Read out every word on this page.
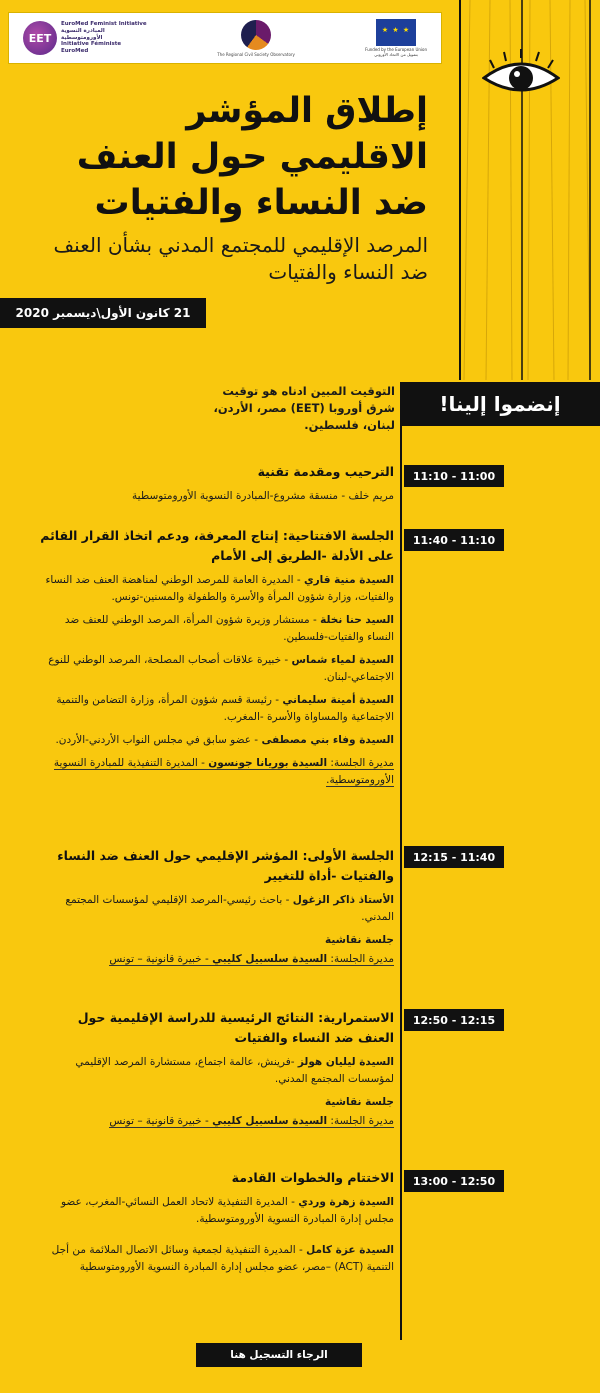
EET
EuroMed Feminist Initiative
المبادرة النسوية الأورومتوسطية
Initiative Féministe EuroMed	The Regional Civil Society Observatory
★ ★ ★
Funded by the European Union
بتمويل من الاتحاد الأوروبي
إطلاق المؤشر الاقليمي حول العنف ضد النساء والفتيات
المرصد الإقليمي للمجتمع المدني بشأن العنف ضد النساء والفتيات
21 كانون الأول\ديسمبر 2020
إنضموا إلينا!
التوقيت المبين ادناه هو توقيت شرق أوروبا (EET) مصر، الأردن، لبنان، فلسطين.
11:10 - 11:00
الترحيب ومقدمة تقنية
مريم خلف - منسقة مشروع-المبادرة النسوية الأورومتوسطية
11:40 - 11:10
الجلسة الافتتاحية: إنتاج المعرفة، ودعم اتخاذ القرار القائم على الأدلة -الطريق إلى الأمام
السيدة منية قاري - المديرة العامة للمرصد الوطني لمناهضة العنف ضد النساء والفتيات، وزارة شؤون المرأة والأسرة والطفولة والمسنين-تونس.
السيد حنا نخلة - مستشار وزيرة شؤون المرأة، المرصد الوطني للعنف ضد النساء والفتيات-فلسطين.
السيدة لمياء شماس - خبيرة علاقات أصحاب المصلحة، المرصد الوطني للنوع الاجتماعي-لبنان.
السيدة أمينة سليماني - رئيسة قسم شؤون المرأة، وزارة التضامن والتنمية الاجتماعية والمساواة والأسرة -المغرب.
السيدة وفاء بني مصطفى - عضو سابق في مجلس النواب الأردني-الأردن.
مديرة الجلسة: السيدة بوريانا جونسون - المديرة التنفيذية للمبادرة النسوية الأورومتوسطية.
12:15 - 11:40
الجلسة الأولى: المؤشر الإقليمي حول العنف ضد النساء والفتيات -أداة للتغيير
الأستاذ ذاكر الزغول - باحث رئيسي-المرصد الإقليمي لمؤسسات المجتمع المدني.
جلسة نقاشية
مديرة الجلسة: السيدة سلسبيل كليبي - خبيرة قانونية – تونس
12:50 - 12:15
الاستمرارية: النتائج الرئيسية للدراسة الإقليمية حول العنف ضد النساء والفتيات
السيدة ليليان هولز -فرينش، عالمة اجتماع، مستشارة المرصد الإقليمي لمؤسسات المجتمع المدني.
جلسة نقاشية
مديرة الجلسة: السيدة سلسبيل كليبي - خبيرة قانونية – تونس
13:00 - 12:50
الاختتام والخطوات القادمة
السيدة زهرة وردي - المديرة التنفيذية لاتحاد العمل النسائي-المغرب، عضو مجلس إدارة المبادرة النسوية الأورومتوسطية.
السيدة عزة كامل - المديرة التنفيذية لجمعية وسائل الاتصال الملائمة من أجل التنمية (ACT) –مصر، عضو مجلس إدارة المبادرة النسوية الأورومتوسطية
الرجاء التسجيل هنا
